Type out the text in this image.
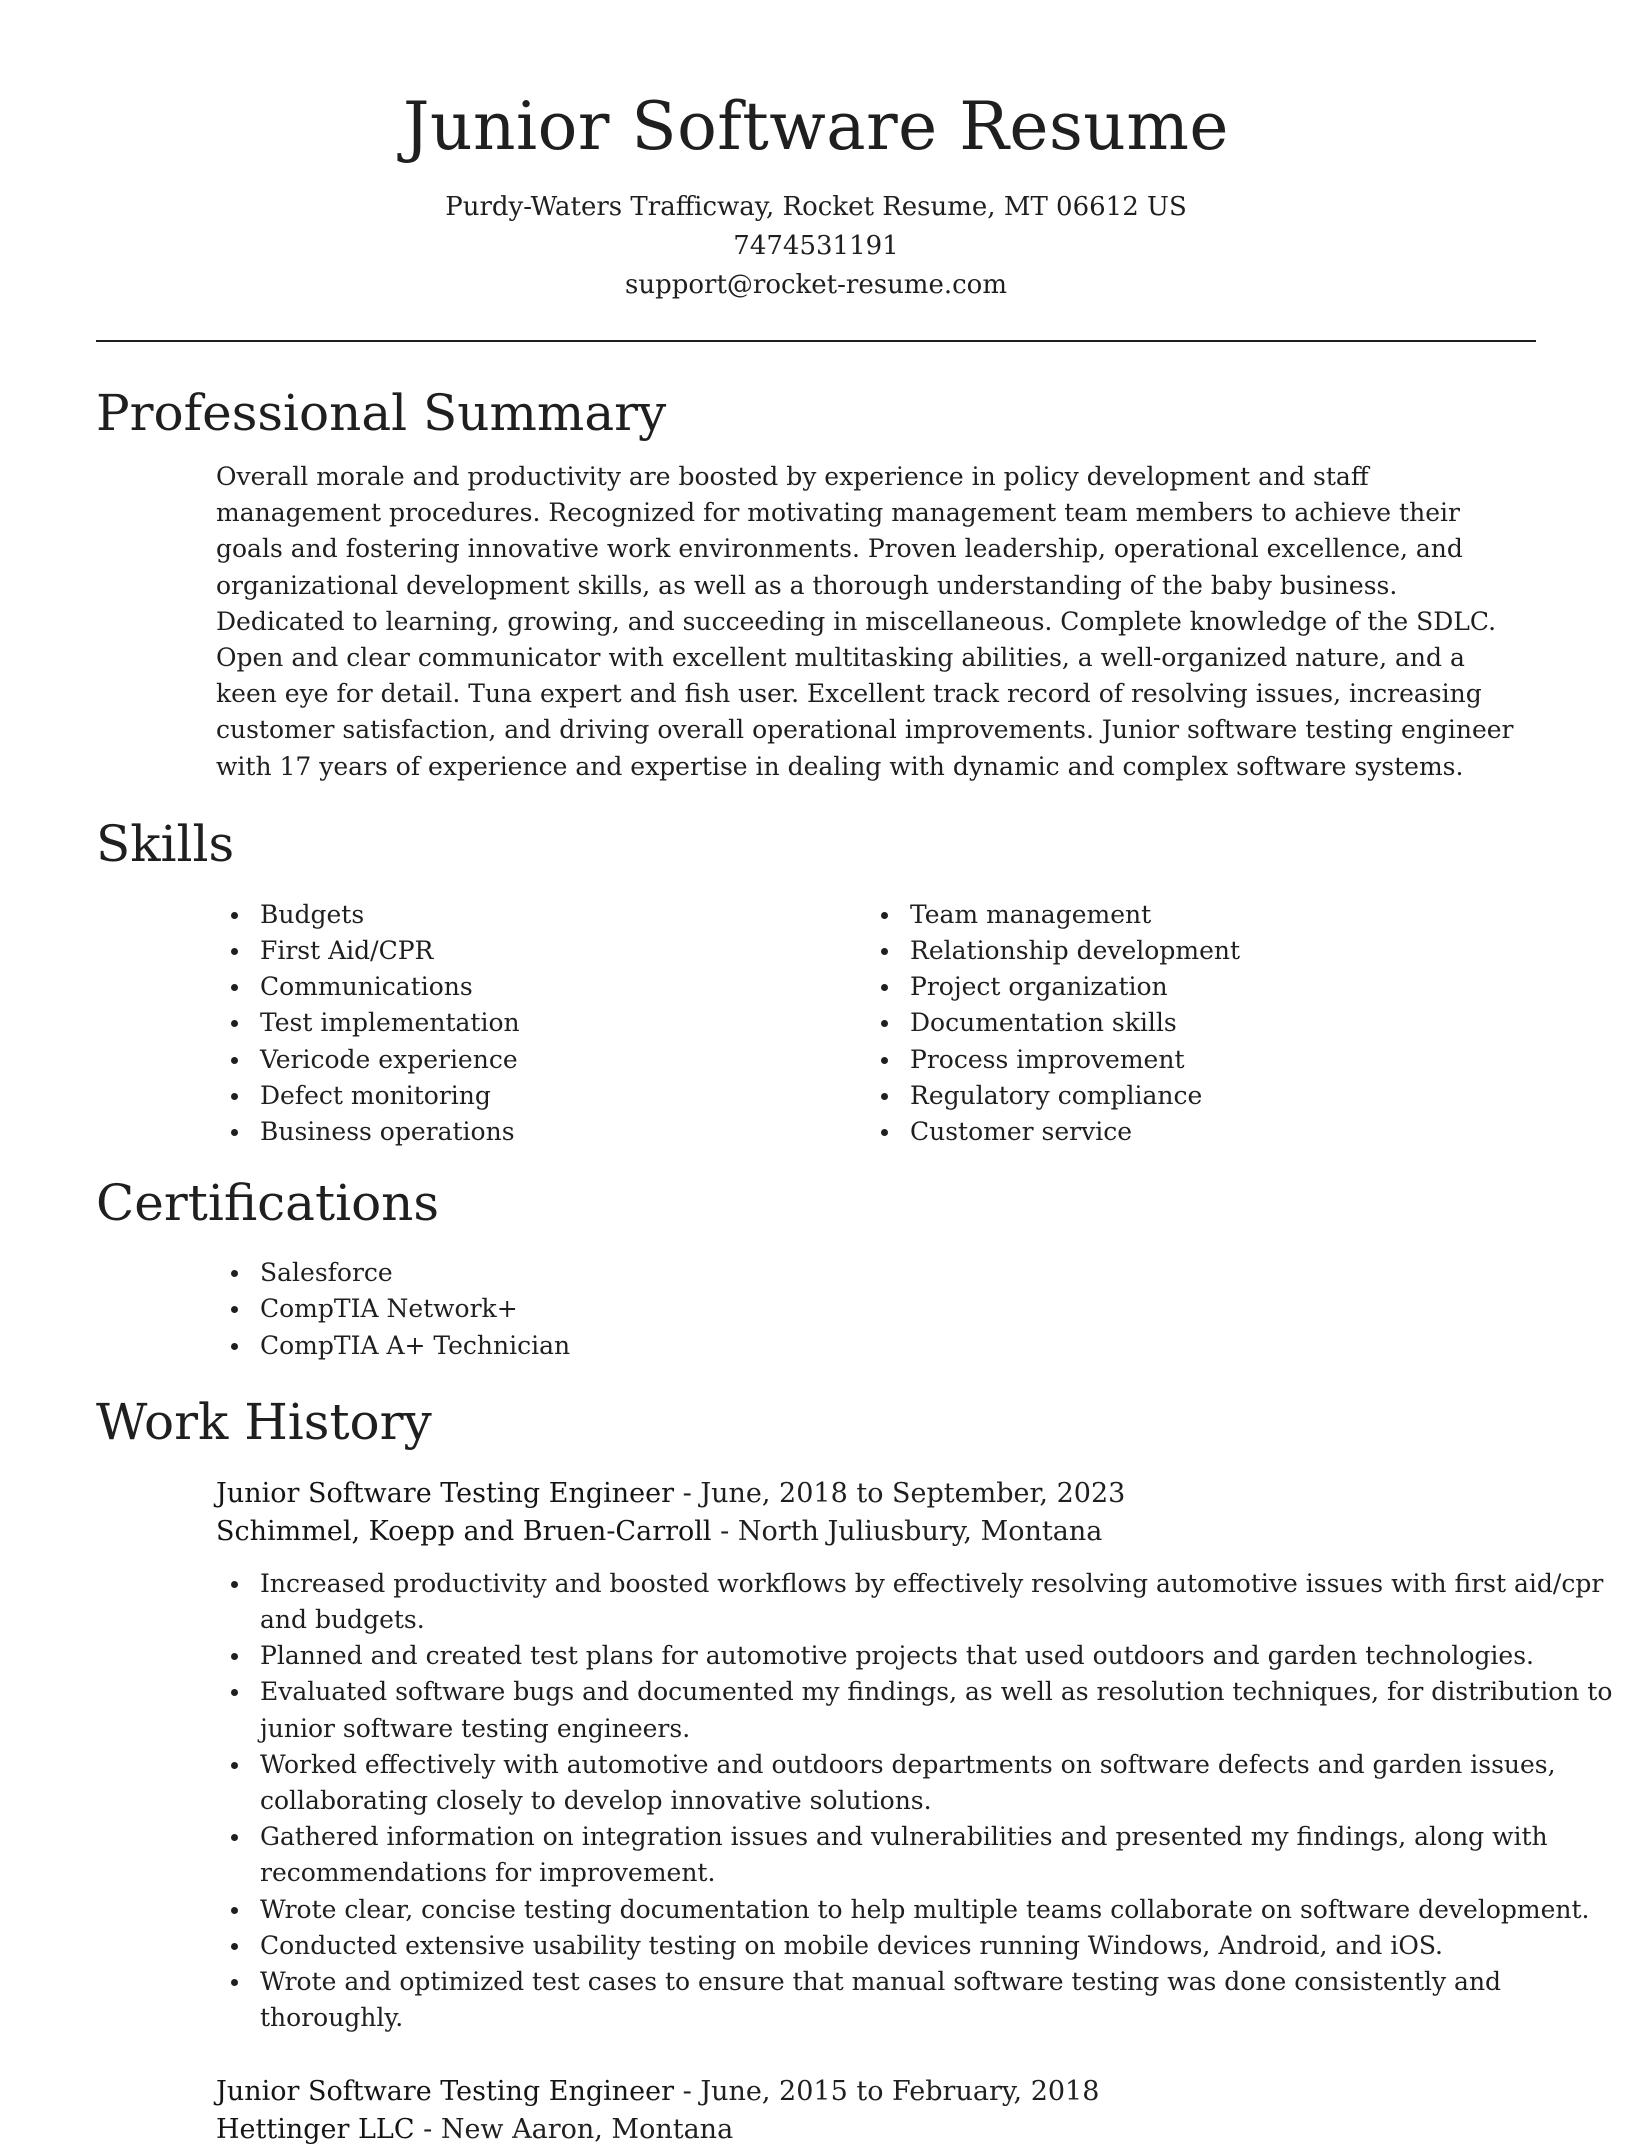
Junior Software Resume
Purdy-Waters Trafficway, Rocket Resume, MT 06612 US
7474531191
support@rocket-resume.com
Professional Summary

Overall morale and productivity are boosted by experience in policy development and staff management procedures. Recognized for motivating management team members to achieve their goals and fostering innovative work environments. Proven leadership, operational excellence, and organizational development skills, as well as a thorough understanding of the baby business. Dedicated to learning, growing, and succeeding in miscellaneous. Complete knowledge of the SDLC. Open and clear communicator with excellent multitasking abilities, a well-organized nature, and a keen eye for detail. Tuna expert and fish user. Excellent track record of resolving issues, increasing customer satisfaction, and driving overall operational improvements. Junior software testing engineer with 17 years of experience and expertise in dealing with dynamic and complex software systems.

Skills
Budgets
First Aid/CPR
Communications
Test implementation
Vericode experience
Defect monitoring
Business operations
Team management
Relationship development
Project organization
Documentation skills
Process improvement
Regulatory compliance
Customer service
Certifications
Salesforce
CompTIA Network+
CompTIA A+ Technician
Work History
Junior Software Testing Engineer - June, 2018 to September, 2023
Schimmel, Koepp and Bruen-Carroll - North Juliusbury, Montana
Increased productivity and boosted workflows by effectively resolving automotive issues with first aid/cpr and budgets.
Planned and created test plans for automotive projects that used outdoors and garden technologies.
Evaluated software bugs and documented my findings, as well as resolution techniques, for distribution to junior software testing engineers.
Worked effectively with automotive and outdoors departments on software defects and garden issues, collaborating closely to develop innovative solutions.
Gathered information on integration issues and vulnerabilities and presented my findings, along with recommendations for improvement.
Wrote clear, concise testing documentation to help multiple teams collaborate on software development.
Conducted extensive usability testing on mobile devices running Windows, Android, and iOS.
Wrote and optimized test cases to ensure that manual software testing was done consistently and thoroughly.
Junior Software Testing Engineer - June, 2015 to February, 2018
Hettinger LLC - New Aaron, Montana
